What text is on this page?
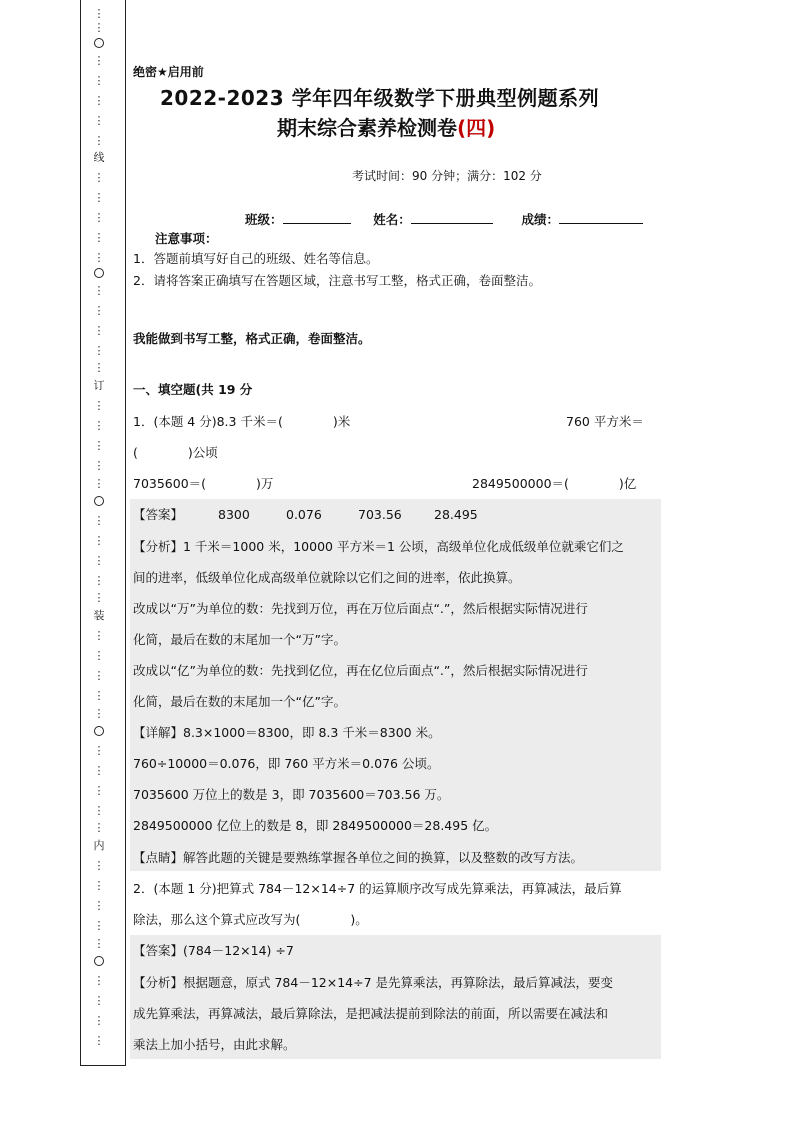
⋮
⋮
⋮
⋮
⋮
⋮
⋮
线
⋮
⋮
⋮
⋮
⋮
⋮
⋮
⋮
⋮
⋮
订
⋮
⋮
⋮
⋮
⋮
⋮
⋮
⋮
⋮
⋮
装
⋮
⋮
⋮
⋮
⋮
⋮
⋮
⋮
⋮
⋮
内
⋮
⋮
⋮
⋮
⋮
⋮
⋮
⋮
⋮
绝密★启用前
2022-2023 学年四年级数学下册典型例题系列
期末综合素养检测卷(四)
考试时间：90 分钟；满分：102 分
班级：	姓名：	成绩：
注意事项：
1．答题前填写好自己的班级、姓名等信息。
2．请将答案正确填写在答题区域，注意书写工整，格式正确，卷面整洁。
我能做到书写工整，格式正确，卷面整洁。
一、填空题(共 19 分
1．(本题 4 分)8.3 千米＝(　　　　)米	760 平方米＝
(　　　　)公顷
7035600＝(　　　　)万	2849500000＝(　　　　)亿
【答案】	8300	0.076	703.56	28.495
【分析】1 千米＝1000 米，10000 平方米＝1 公顷，高级单位化成低级单位就乘它们之
间的进率，低级单位化成高级单位就除以它们之间的进率，依此换算。
改成以“万”为单位的数：先找到万位，再在万位后面点“.”，然后根据实际情况进行
化简，最后在数的末尾加一个“万”字。
改成以“亿”为单位的数：先找到亿位，再在亿位后面点“.”，然后根据实际情况进行
化简，最后在数的末尾加一个“亿”字。
【详解】8.3×1000＝8300，即 8.3 千米＝8300 米。
760÷10000＝0.076，即 760 平方米＝0.076 公顷。
7035600 万位上的数是 3，即 7035600＝703.56 万。
2849500000 亿位上的数是 8，即 2849500000＝28.495 亿。
【点睛】解答此题的关键是要熟练掌握各单位之间的换算，以及整数的改写方法。
2．(本题 1 分)把算式 784－12×14÷7 的运算顺序改写成先算乘法，再算减法，最后算
除法，那么这个算式应改写为(　　　　)。
【答案】(784－12×14) ÷7
【分析】根据题意，原式 784－12×14÷7 是先算乘法，再算除法，最后算减法，要变
成先算乘法，再算减法，最后算除法，是把减法提前到除法的前面，所以需要在减法和
乘法上加小括号，由此求解。
